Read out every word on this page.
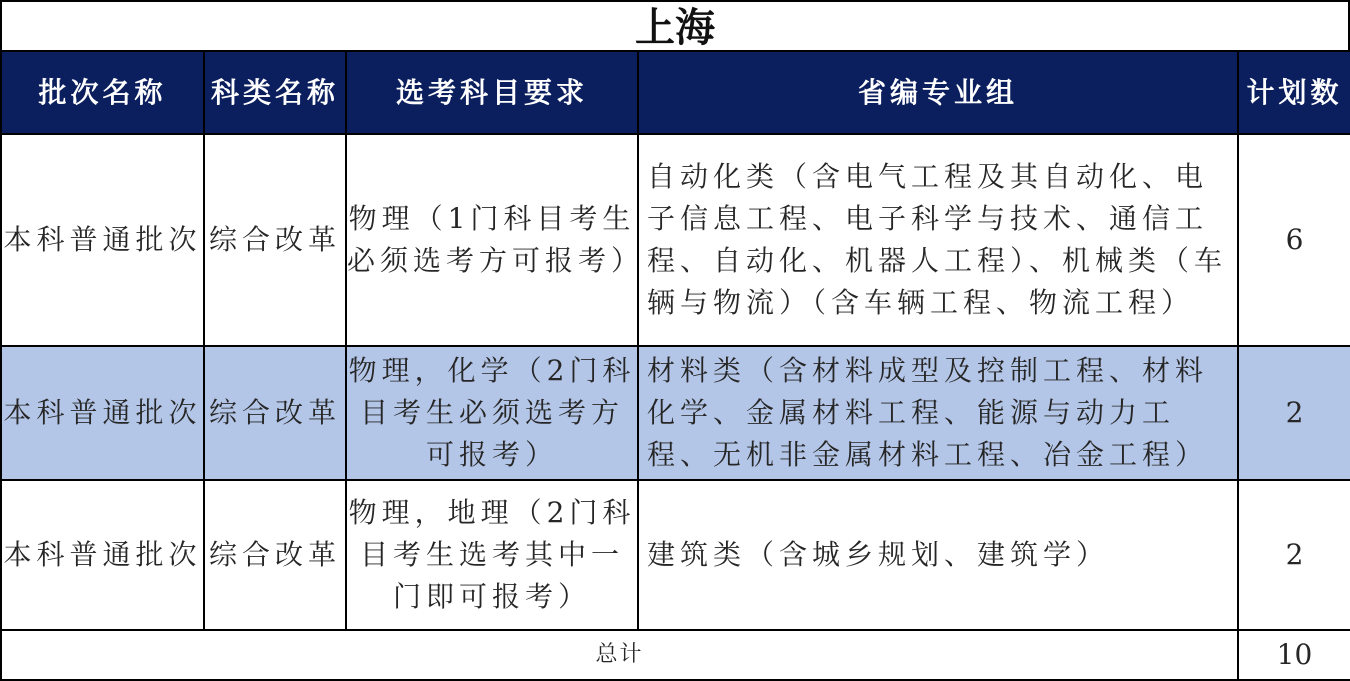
上海
批次名称	科类名称	选考科目要求	省编专业组	计划数
本科普通批次	综合改革	物理（1门科目考生必须选考方可报考）	自动化类（含电气工程及其自动化、电子信息工程、电子科学与技术、通信工程、自动化、机器人工程）、机械类（车辆与物流）（含车辆工程、物流工程）	6
本科普通批次	综合改革	物理，化学（2门科目考生必须选考方可报考）	材料类（含材料成型及控制工程、材料化学、金属材料工程、能源与动力工程、无机非金属材料工程、冶金工程）	2
本科普通批次	综合改革	物理，地理（2门科目考生选考其中一门即可报考）	建筑类（含城乡规划、建筑学）	2
总计				10
